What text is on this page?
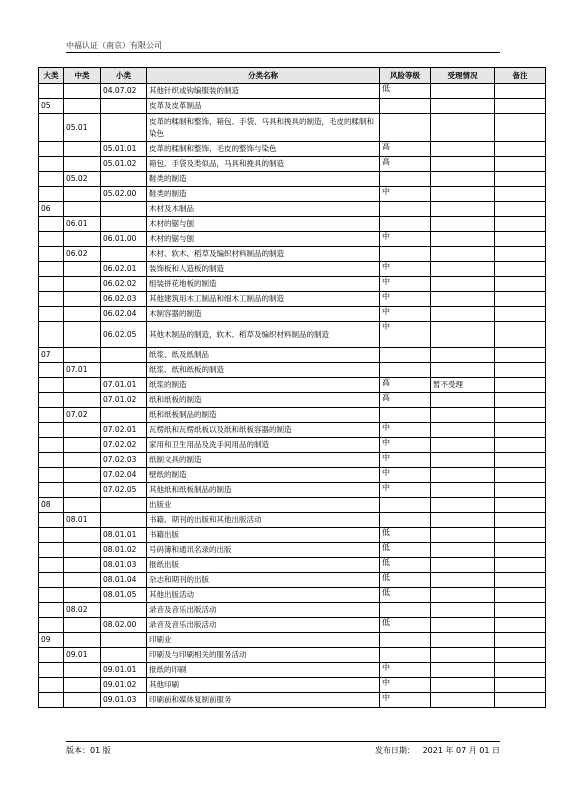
中福认证（南京）有限公司
大类	中类	小类	分类名称	风险等级	受理情况	备注
		04.07.02	其他针织或钩编服装的制造	低		
05			皮革及皮革制品			
	05.01		皮革的糅制和整饰，箱包、手袋、马具和挽具的制造，毛皮的糅制和染色			
		05.01.01	皮革的糅制和整饰，毛皮的整饰与染色	高		
		05.01.02	箱包、手袋及类似品，马具和挽具的制造	高		
	05.02		鞋类的制造			
		05.02.00	鞋类的制造	中		
06			木材及木制品			
	06.01		木材的锯与刨			
		06.01.00	木材的锯与刨	中		
	06.02		木材、软木、稻草及编织材料制品的制造			
		06.02.01	装饰板和人造板的制造	中		
		06.02.02	组装拼花地板的制造	中		
		06.02.03	其他建筑用木工制品和细木工制品的制造	中		
		06.02.04	木制容器的制造	中		
		06.02.05	其他木制品的制造，软木、稻草及编织材料制品的制造	中		
07			纸浆、纸及纸制品			
	07.01		纸浆、纸和纸板的制造			
		07.01.01	纸浆的制造	高	暂不受理	
		07.01.02	纸和纸板的制造	高		
	07.02		纸和纸板制品的制造			
		07.02.01	瓦楞纸和瓦楞纸板以及纸和纸板容器的制造	中		
		07.02.02	家用和卫生用品及洗手间用品的制造	中		
		07.02.03	纸制文具的制造	中		
		07.02.04	壁纸的制造	中		
		07.02.05	其他纸和纸板制品的制造	中		
08			出版业			
	08.01		书籍、期刊的出版和其他出版活动			
		08.01.01	书籍出版	低		
		08.01.02	号码簿和通讯名录的出版	低		
		08.01.03	报纸出版	低		
		08.01.04	杂志和期刊的出版	低		
		08.01.05	其他出版活动	低		
	08.02		录音及音乐出版活动			
		08.02.00	录音及音乐出版活动	低		
09			印刷业			
	09.01		印刷及与印刷相关的服务活动			
		09.01.01	报纸的印刷	中		
		09.01.02	其他印刷	中		
		09.01.03	印刷前和媒体复制前服务	中		
版本：01 版	发布日期： 2021 年 07 月 01 日
